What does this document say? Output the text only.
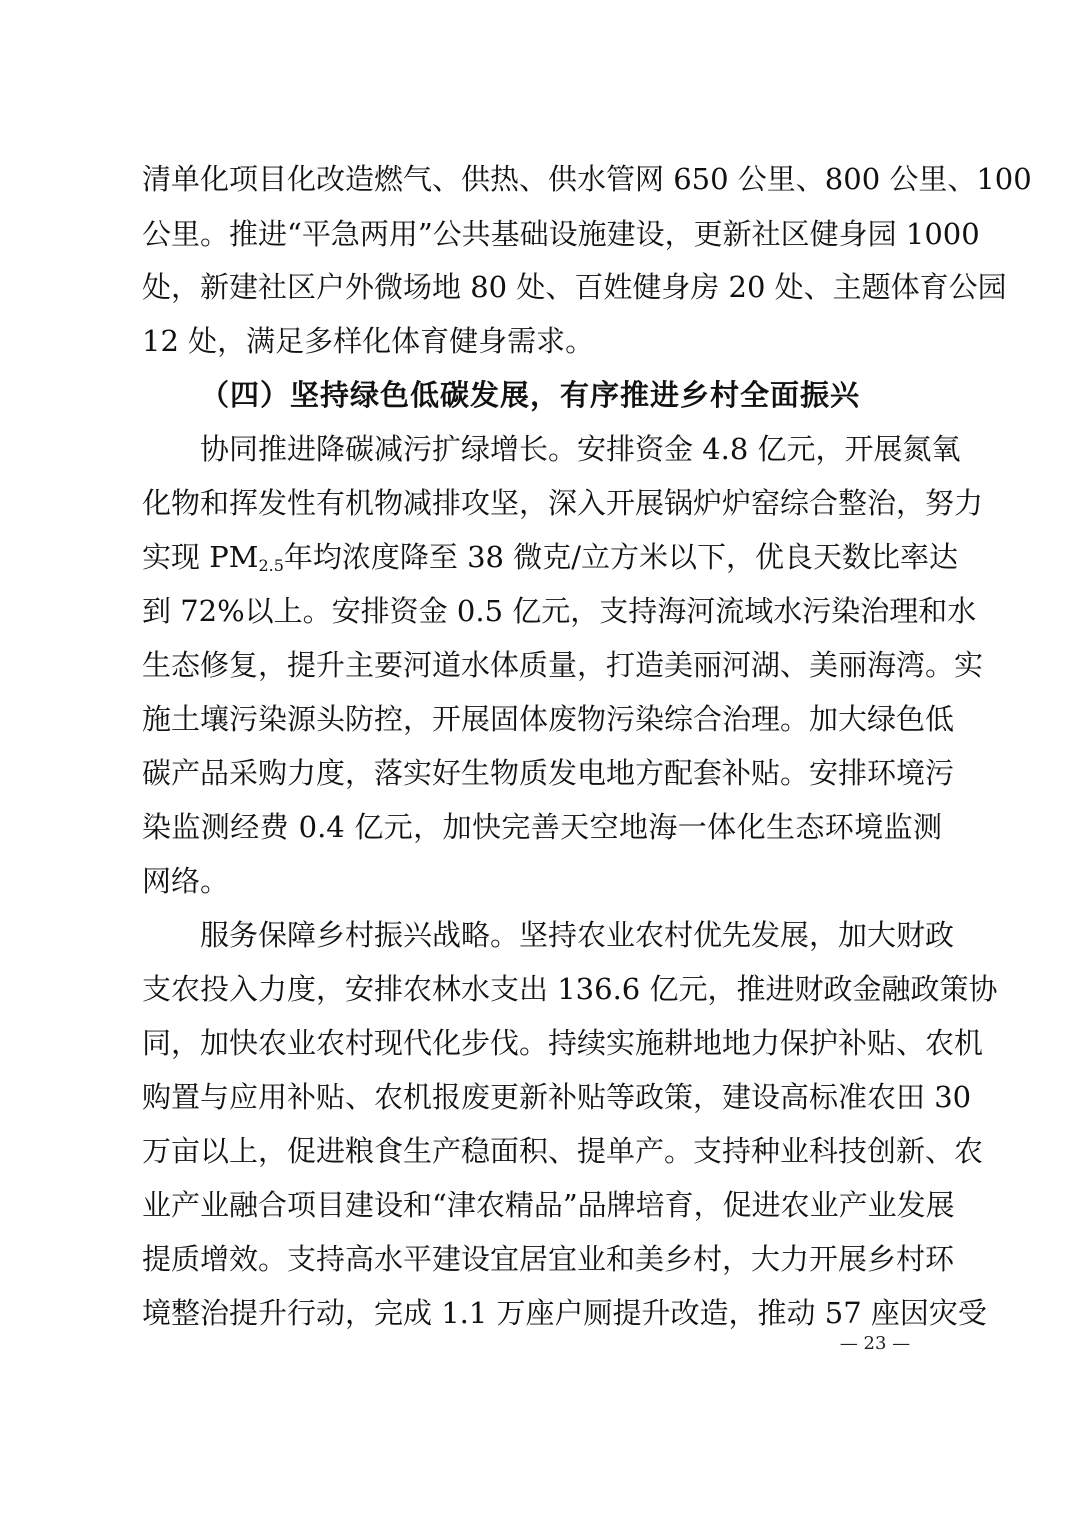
清单化项目化改造燃气、供热、供水管网 650 公里、800 公里、100
公里。推进“平急两用”公共基础设施建设，更新社区健身园 1000
处，新建社区户外微场地 80 处、百姓健身房 20 处、主题体育公园
12 处，满足多样化体育健身需求。
（四）坚持绿色低碳发展，有序推进乡村全面振兴
协同推进降碳减污扩绿增长。安排资金 4.8 亿元，开展氮氧
化物和挥发性有机物减排攻坚，深入开展锅炉炉窑综合整治，努力
实现 $PM_{2.5}$年均浓度降至 38 微克/立方米以下，优良天数比率达
到 72%以上。安排资金 0.5 亿元，支持海河流域水污染治理和水
生态修复，提升主要河道水体质量，打造美丽河湖、美丽海湾。实
施土壤污染源头防控，开展固体废物污染综合治理。加大绿色低
碳产品采购力度，落实好生物质发电地方配套补贴。安排环境污
染监测经费 0.4 亿元，加快完善天空地海一体化生态环境监测
网络。
服务保障乡村振兴战略。坚持农业农村优先发展，加大财政
支农投入力度，安排农林水支出 136.6 亿元，推进财政金融政策协
同，加快农业农村现代化步伐。持续实施耕地地力保护补贴、农机
购置与应用补贴、农机报废更新补贴等政策，建设高标准农田 30
万亩以上，促进粮食生产稳面积、提单产。支持种业科技创新、农
业产业融合项目建设和“津农精品”品牌培育，促进农业产业发展
提质增效。支持高水平建设宜居宜业和美乡村，大力开展乡村环
境整治提升行动，完成 1.1 万座户厕提升改造，推动 57 座因灾受
— 23 —
